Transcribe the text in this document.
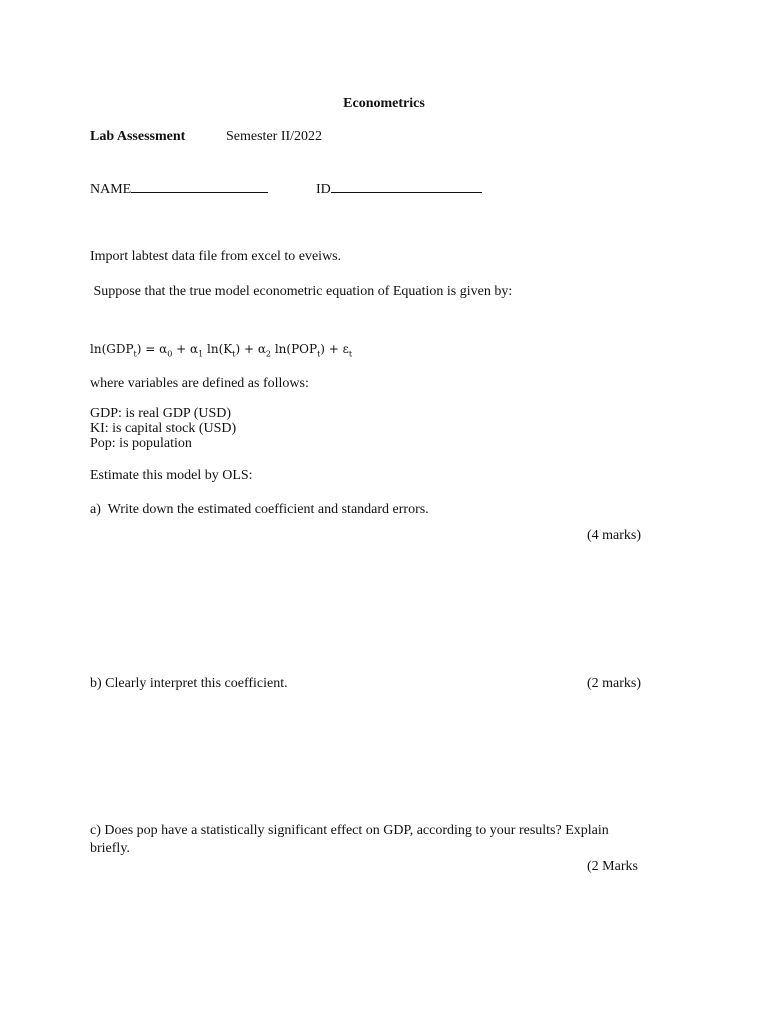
Econometrics
Lab Assessment	Semester II/2022
NAME	ID
Import labtest data file from excel to eveiws.
Suppose that the true model econometric equation of Equation is given by:
$\ln(GDP_t) = \alpha_0 + \alpha_1$ $\ln(K_t) + \alpha_2$ $\ln(POP_t) + \varepsilon_t$
where variables are defined as follows:
GDP: is real GDP (USD)
KI: is capital stock (USD)
Pop: is population
Estimate this model by OLS:
a)  Write down the estimated coefficient and standard errors.
(4 marks)
b) Clearly interpret this coefficient.	(2 marks)
c) Does pop have a statistically significant effect on GDP, according to your results? Explain
briefly.
(2 Marks
